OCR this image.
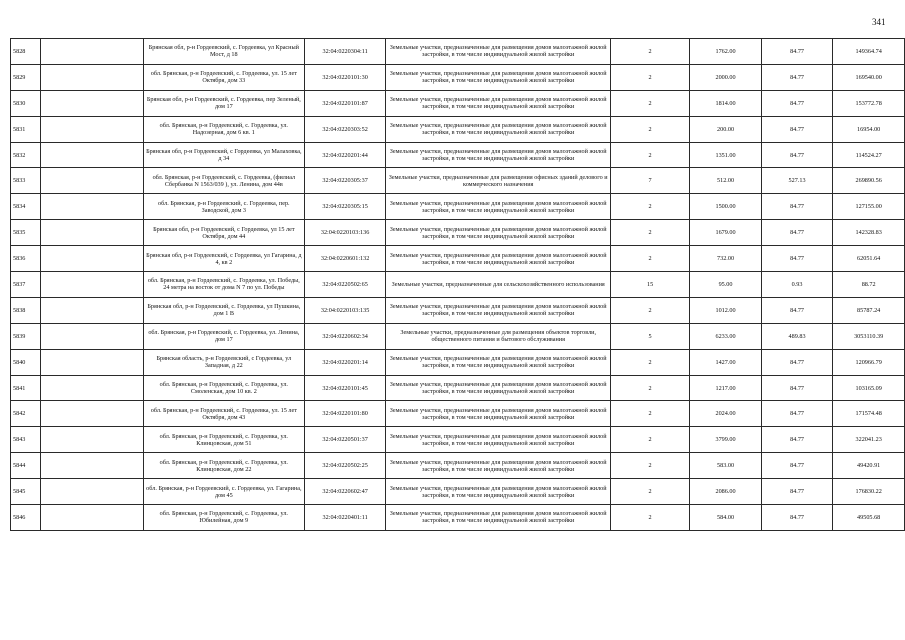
341
5828		Брянская обл, р-н Гордеевский, с. Гордеевка, ул Красный Мост, д 18	32:04:0220304:11	Земельные участки, предназначенные для размещения домов малоэтажной жилой застройки, в том числе индивидуальной жилой застройки	2	1762.00	84.77	149364.74
5829		обл. Брянская, р-н Гордеевский, с. Гордеевка, ул. 15 лет Октября, дом 33	32:04:0220101:30	Земельные участки, предназначенные для размещения домов малоэтажной жилой застройки, в том числе индивидуальной жилой застройки	2	2000.00	84.77	169540.00
5830		Брянская обл, р-н Гордеевский, с. Гордеевка, пер Зеленый, дом 17	32:04:0220101:87	Земельные участки, предназначенные для размещения домов малоэтажной жилой застройки, в том числе индивидуальной жилой застройки	2	1814.00	84.77	153772.78
5831		обл. Брянская, р-н Гордеевский, с. Гордеевка, ул. Надозерная, дом 6 кв. 1	32:04:0220303:52	Земельные участки, предназначенные для размещения домов малоэтажной жилой застройки, в том числе индивидуальной жилой застройки	2	200.00	84.77	16954.00
5832		Брянская обл, р-н Гордеевский, с Гордеевка, ул Малаховка, д 34	32:04:0220201:44	Земельные участки, предназначенные для размещения домов малоэтажной жилой застройки, в том числе индивидуальной жилой застройки	2	1351.00	84.77	114524.27
5833		обл. Брянская, р-н Гордеевский, с. Гордеевка, (филиал Сбербанка N 1563/039 ), ул. Ленина, дом 44в	32:04:0220305:37	Земельные участки, предназначенные для размещения офисных зданий делового и коммерческого назначения	7	512.00	527.13	269890.56
5834		обл. Брянская, р-н Гордеевский, с. Гордеевка, пер. Заводской, дом 3	32:04:0220305:15	Земельные участки, предназначенные для размещения домов малоэтажной жилой застройки, в том числе индивидуальной жилой застройки	2	1500.00	84.77	127155.00
5835		Брянская обл, р-н Гордеевский, с Гордеевка, ул 15 лет Октября, дом 44	32:04:0220103:136	Земельные участки, предназначенные для размещения домов малоэтажной жилой застройки, в том числе индивидуальной жилой застройки	2	1679.00	84.77	142328.83
5836		Брянская обл, р-н Гордеевский, с Гордеевка, ул Гагарина, д 4, кв 2	32:04:0220601:132	Земельные участки, предназначенные для размещения домов малоэтажной жилой застройки, в том числе индивидуальной жилой застройки	2	732.00	84.77	62051.64
5837		обл. Брянская, р-н Гордеевский, с. Гордеевка, ул. Победы, 24 метра на восток от дома N 7 по ул. Победы	32:04:0220502:65	Земельные участки, предназначенные для сельскохозяйственного использования	15	95.00	0.93	88.72
5838		Брянская обл, р-н Гордеевский, с. Гордеевка, ул Пушкина, дом 1 В	32:04:0220103:135	Земельные участки, предназначенные для размещения домов малоэтажной жилой застройки, в том числе индивидуальной жилой застройки	2	1012.00	84.77	85787.24
5839		обл. Брянская, р-н Гордеевский, с. Гордеевка, ул. Ленина, дом 17	32:04:0220602:34	Земельные участки, предназначенные для размещения объектов торговли, общественного питания и бытового обслуживания	5	6233.00	489.83	3053110.39
5840		Брянская область, р-н Гордеевский, с Гордеевка, ул Западная, д 22	32:04:0220201:14	Земельные участки, предназначенные для размещения домов малоэтажной жилой застройки, в том числе индивидуальной жилой застройки	2	1427.00	84.77	120966.79
5841		обл. Брянская, р-н Гордеевский, с. Гордеевка, ул. Смоленская, дом 10 кв. 2	32:04:0220101:45	Земельные участки, предназначенные для размещения домов малоэтажной жилой застройки, в том числе индивидуальной жилой застройки	2	1217.00	84.77	103165.09
5842		обл. Брянская, р-н Гордеевский, с. Гордеевка, ул. 15 лет Октября, дом 43	32:04:0220101:80	Земельные участки, предназначенные для размещения домов малоэтажной жилой застройки, в том числе индивидуальной жилой застройки	2	2024.00	84.77	171574.48
5843		обл. Брянская, р-н Гордеевский, с. Гордеевка, ул. Клинцовская, дом 51	32:04:0220501:37	Земельные участки, предназначенные для размещения домов малоэтажной жилой застройки, в том числе индивидуальной жилой застройки	2	3799.00	84.77	322041.23
5844		обл. Брянская, р-н Гордеевский, с. Гордеевка, ул. Клинцовская, дом 22	32:04:0220502:25	Земельные участки, предназначенные для размещения домов малоэтажной жилой застройки, в том числе индивидуальной жилой застройки	2	583.00	84.77	49420.91
5845		обл. Брянская, р-н Гордеевский, с. Гордеевка, ул. Гагарина, дом 45	32:04:0220602:47	Земельные участки, предназначенные для размещения домов малоэтажной жилой застройки, в том числе индивидуальной жилой застройки	2	2086.00	84.77	176830.22
5846		обл. Брянская, р-н Гордеевский, с. Гордеевка, ул. Юбилейная, дом 9	32:04:0220401:11	Земельные участки, предназначенные для размещения домов малоэтажной жилой застройки, в том числе индивидуальной жилой застройки	2	584.00	84.77	49505.68
